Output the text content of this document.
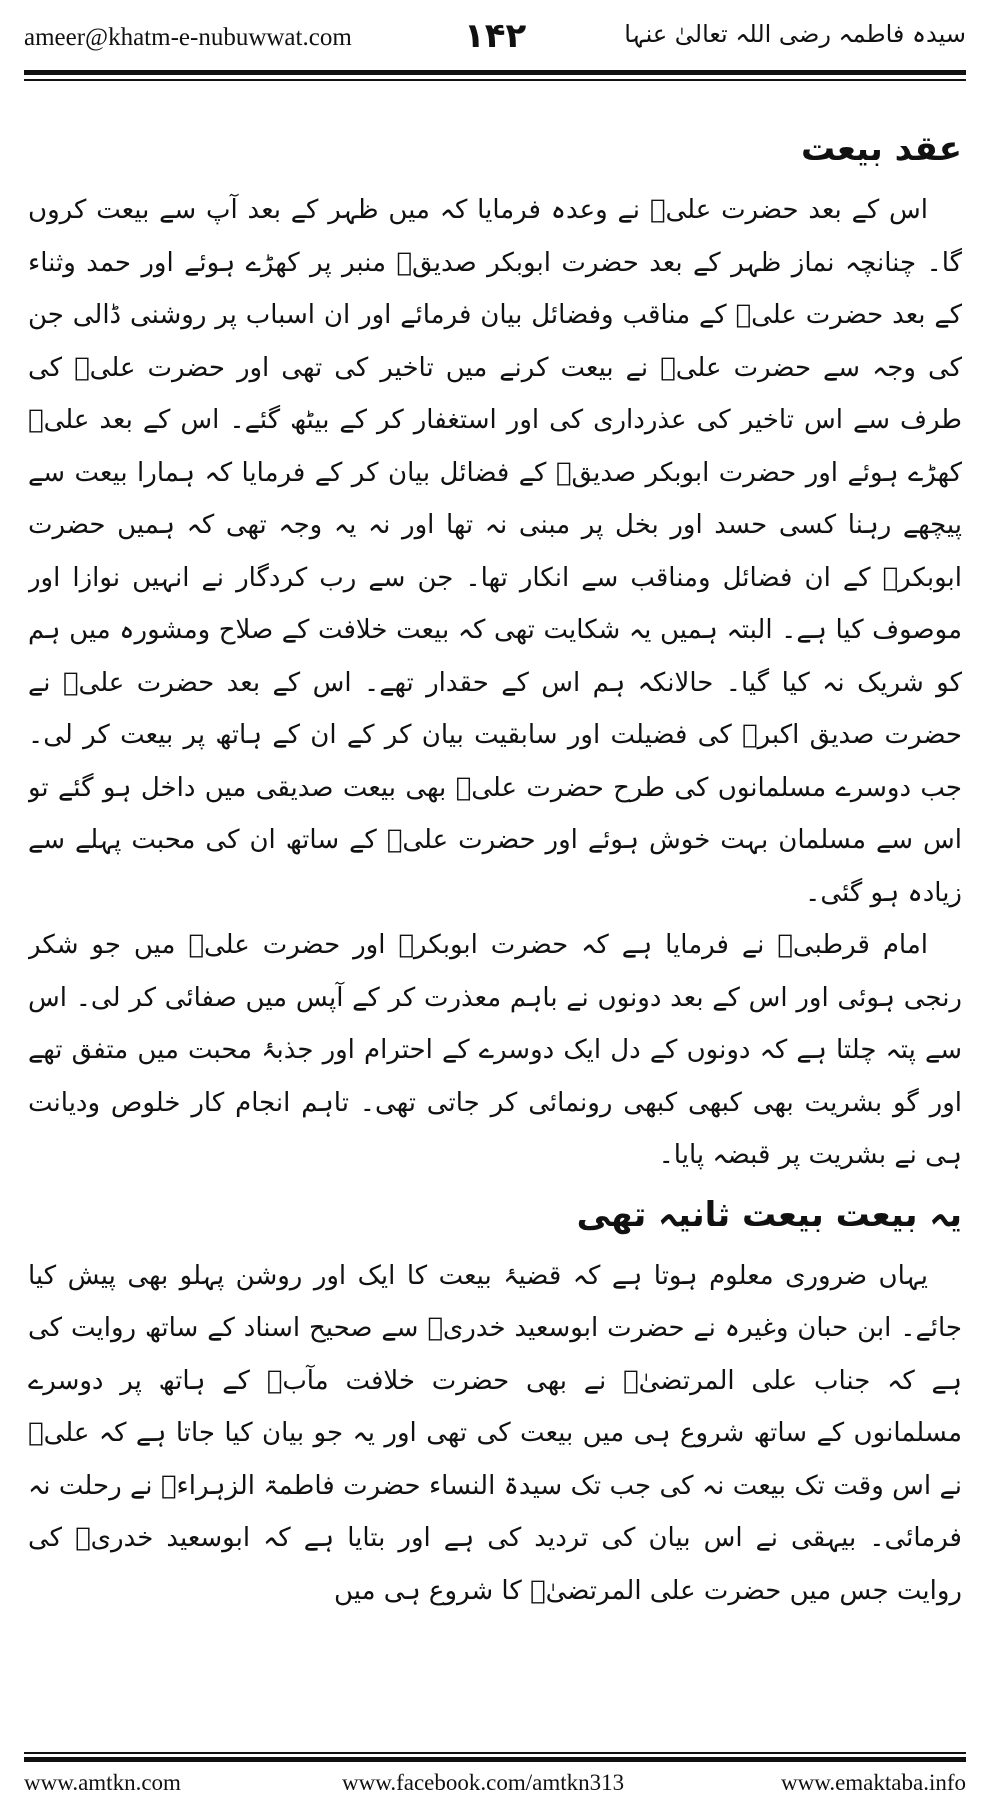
ameer@khatm-e-nubuwwat.com	۱۴۲	سیدہ فاطمہ رضی اللہ تعالیٰ عنہا
عقد بیعت

اس کے بعد حضرت علیؓ نے وعدہ فرمایا کہ میں ظہر کے بعد آپ سے بیعت کروں گا۔ چنانچہ نماز ظہر کے بعد حضرت ابوبکر صدیقؓ منبر پر کھڑے ہوئے اور حمد وثناء کے بعد حضرت علیؓ کے مناقب وفضائل بیان فرمائے اور ان اسباب پر روشنی ڈالی جن کی وجہ سے حضرت علیؓ نے بیعت کرنے میں تاخیر کی تھی اور حضرت علیؓ کی طرف سے اس تاخیر کی عذرداری کی اور استغفار کر کے بیٹھ گئے۔ اس کے بعد علیؓ کھڑے ہوئے اور حضرت ابوبکر صدیقؓ کے فضائل بیان کر کے فرمایا کہ ہمارا بیعت سے پیچھے رہنا کسی حسد اور بخل پر مبنی نہ تھا اور نہ یہ وجہ تھی کہ ہمیں حضرت ابوبکرؓ کے ان فضائل ومناقب سے انکار تھا۔ جن سے رب کردگار نے انہیں نوازا اور موصوف کیا ہے۔ البتہ ہمیں یہ شکایت تھی کہ بیعت خلافت کے صلاح ومشورہ میں ہم کو شریک نہ کیا گیا۔ حالانکہ ہم اس کے حقدار تھے۔ اس کے بعد حضرت علیؓ نے حضرت صدیق اکبرؓ کی فضیلت اور سابقیت بیان کر کے ان کے ہاتھ پر بیعت کر لی۔ جب دوسرے مسلمانوں کی طرح حضرت علیؓ بھی بیعت صدیقی میں داخل ہو گئے تو اس سے مسلمان بہت خوش ہوئے اور حضرت علیؓ کے ساتھ ان کی محبت پہلے سے زیادہ ہو گئی۔

امام قرطبیؒ نے فرمایا ہے کہ حضرت ابوبکرؓ اور حضرت علیؓ میں جو شکر رنجی ہوئی اور اس کے بعد دونوں نے باہم معذرت کر کے آپس میں صفائی کر لی۔ اس سے پتہ چلتا ہے کہ دونوں کے دل ایک دوسرے کے احترام اور جذبۂ محبت میں متفق تھے اور گو بشریت بھی کبھی کبھی رونمائی کر جاتی تھی۔ تاہم انجام کار خلوص ودیانت ہی نے بشریت پر قبضہ پایا۔

یہ بیعت بیعت ثانیہ تھی

یہاں ضروری معلوم ہوتا ہے کہ قضیۂ بیعت کا ایک اور روشن پہلو بھی پیش کیا جائے۔ ابن حبان وغیرہ نے حضرت ابوسعید خدریؓ سے صحیح اسناد کے ساتھ روایت کی ہے کہ جناب علی المرتضیٰؓ نے بھی حضرت خلافت مآبؓ کے ہاتھ پر دوسرے مسلمانوں کے ساتھ شروع ہی میں بیعت کی تھی اور یہ جو بیان کیا جاتا ہے کہ علیؓ نے اس وقت تک بیعت نہ کی جب تک سیدۃ النساء حضرت فاطمۃ الزہراءؓ نے رحلت نہ فرمائی۔ بیہقی نے اس بیان کی تردید کی ہے اور بتایا ہے کہ ابوسعید خدریؓ کی روایت جس میں حضرت علی المرتضیٰؓ کا شروع ہی میں

www.amtkn.com	www.facebook.com/amtkn313	www.emaktaba.info
